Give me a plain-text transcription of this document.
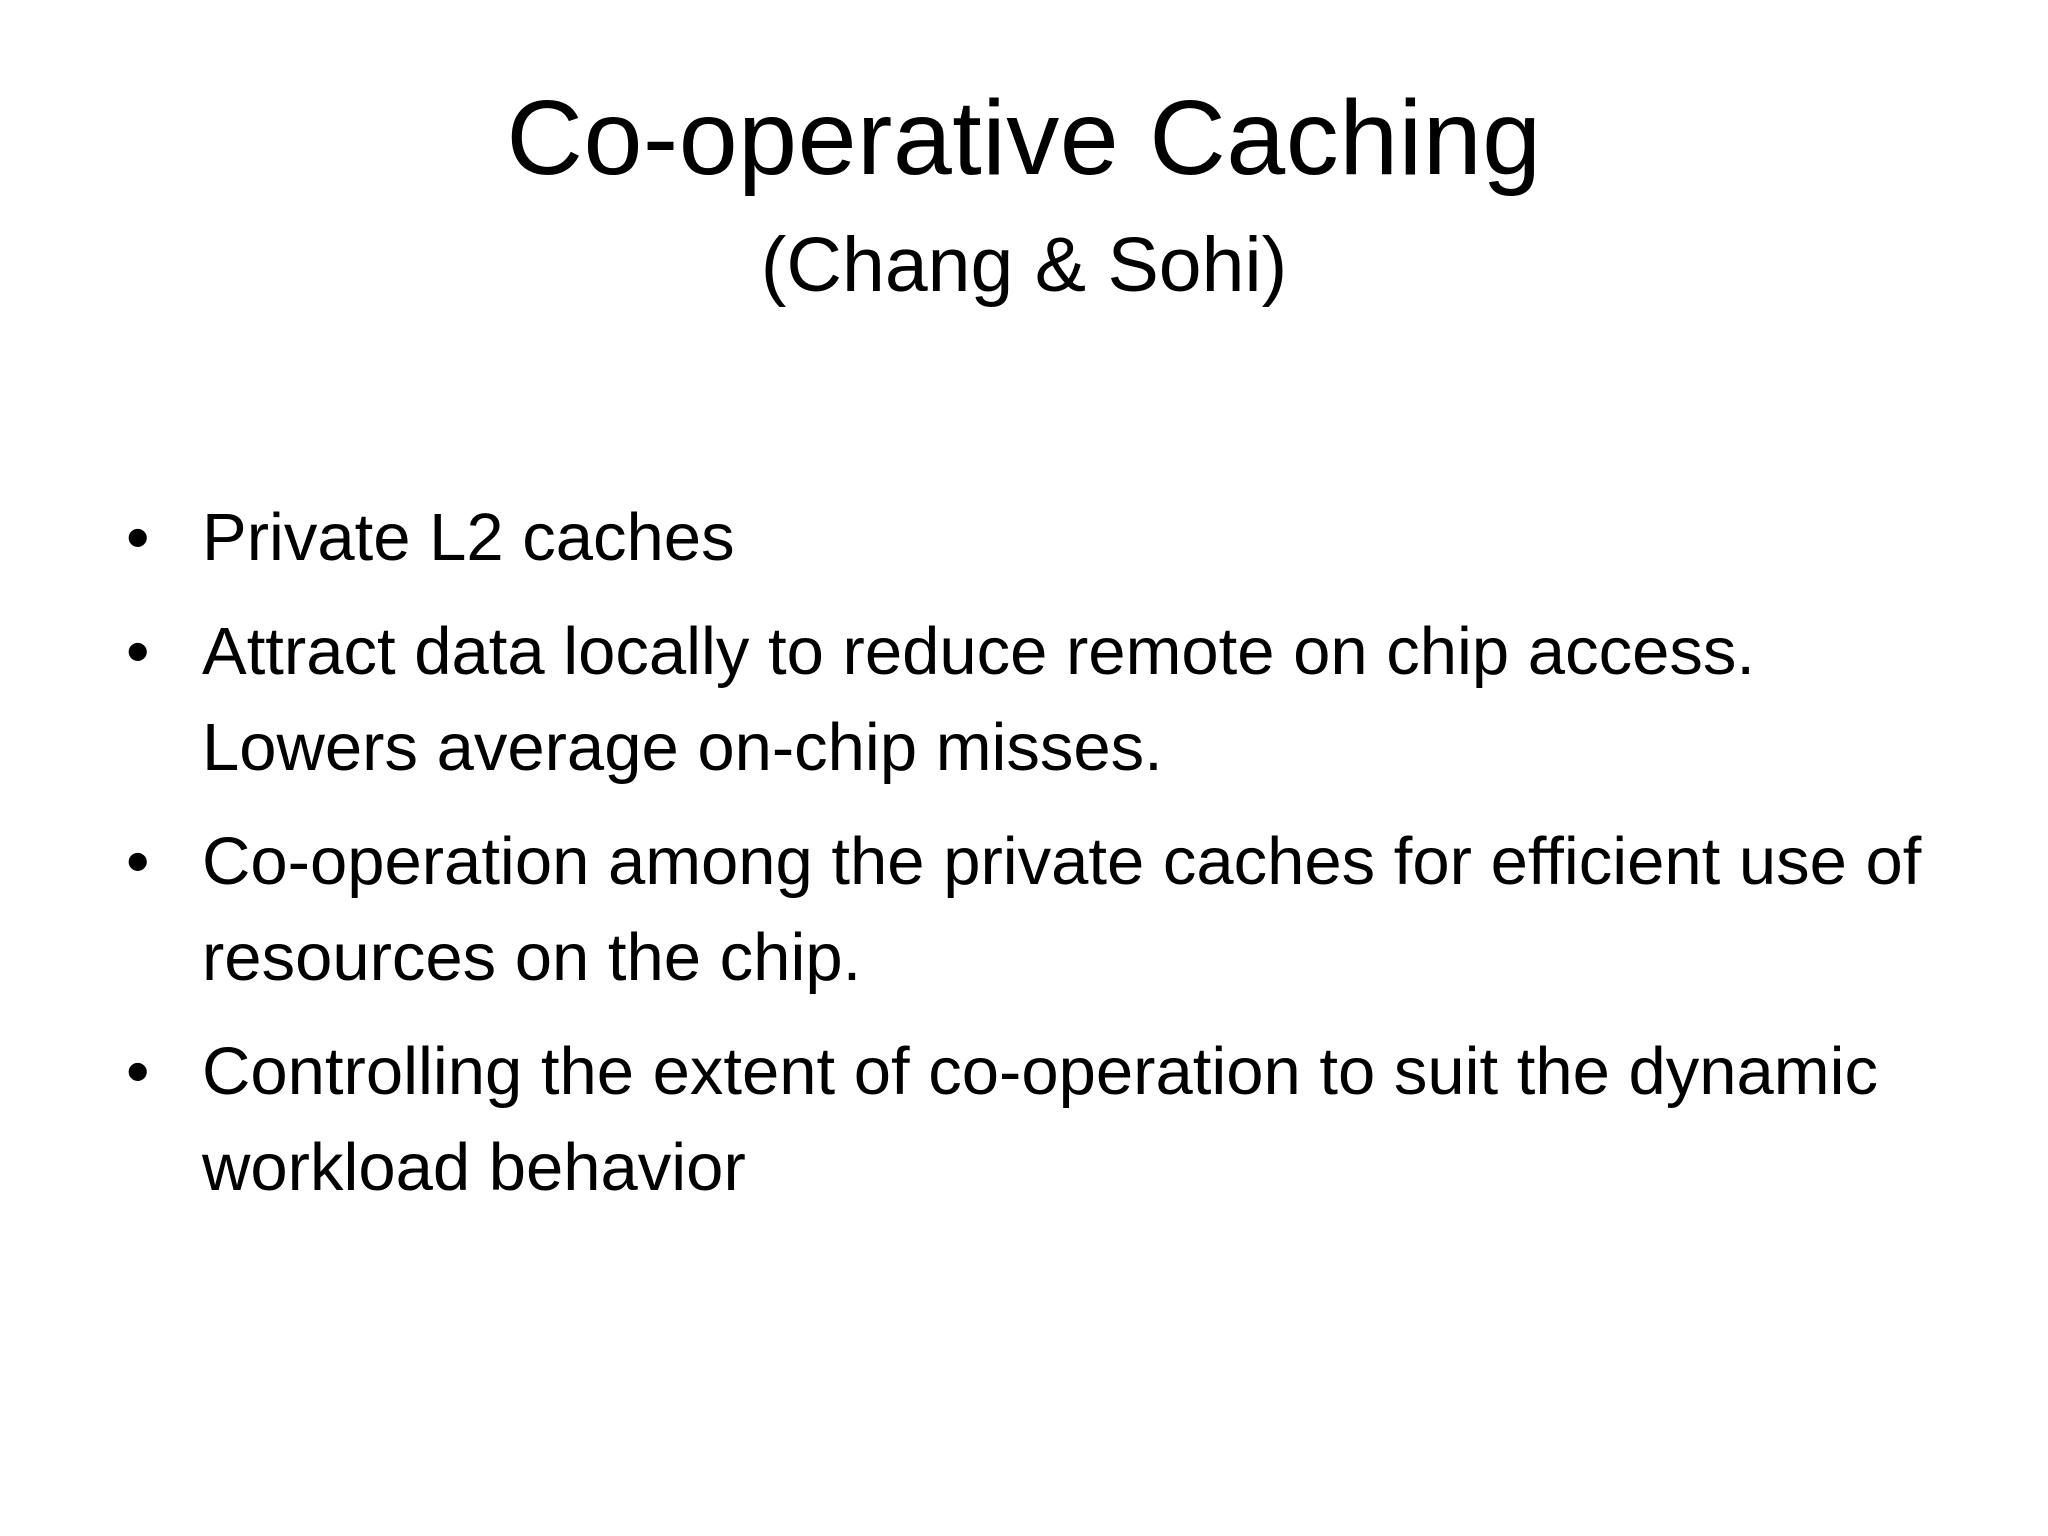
Co-operative Caching
(Chang & Sohi)
• Private L2 caches
• Attract data locally to reduce remote on chip access. Lowers average on-chip misses.
• Co-operation among the private caches for efficient use of resources on the chip.
• Controlling the extent of co-operation to suit the dynamic workload behavior
